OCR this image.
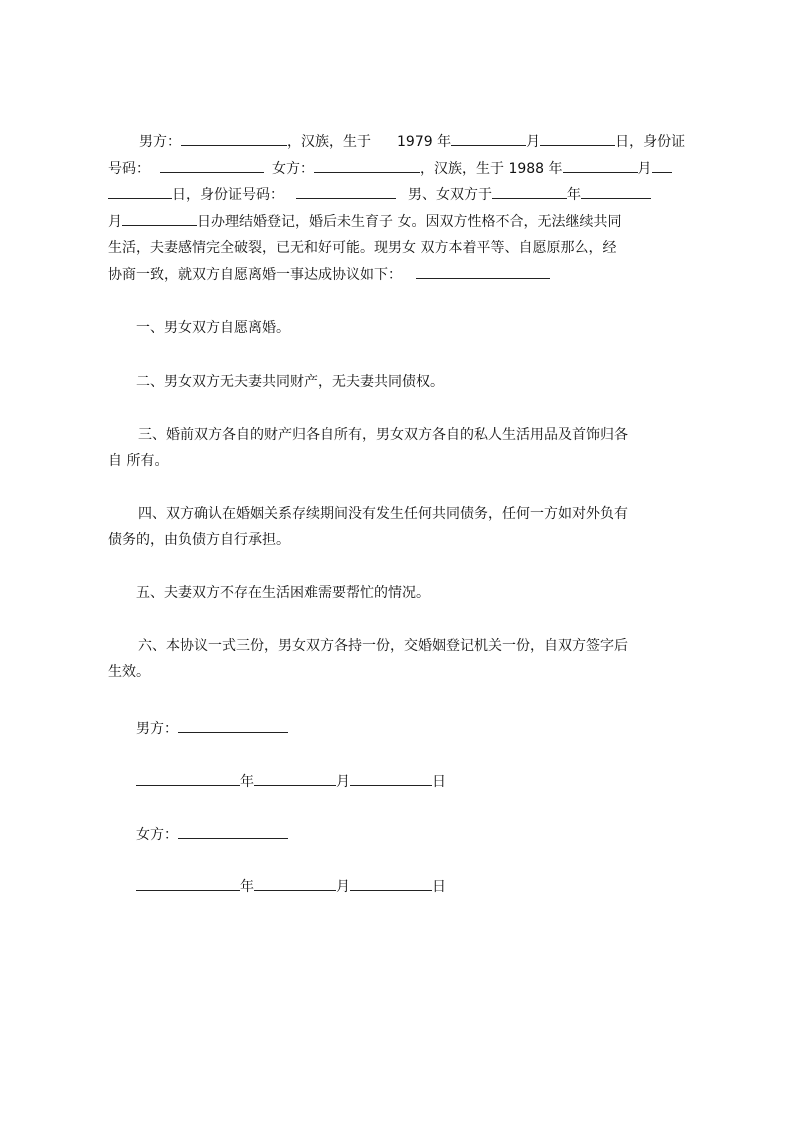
男方：	，汉族，生于 1979 年	月	日，身份证
号码：	女方：	，汉族，生于 1988 年	月
日，身份证号码：	男、女双方于	年
月	日办理结婚登记，婚后未生育子 女。因双方性格不合，无法继续共同
生活，夫妻感情完全破裂，已无和好可能。现男女 双方本着平等、自愿原那么，经
协商一致，就双方自愿离婚一事达成协议如下：
一、男女双方自愿离婚。
二、男女双方无夫妻共同财产，无夫妻共同债权。
三、婚前双方各自的财产归各自所有，男女双方各自的私人生活用品及首饰归各
自 所有。
四、双方确认在婚姻关系存续期间没有发生任何共同债务，任何一方如对外负有
债务的，由负债方自行承担。
五、夫妻双方不存在生活困难需要帮忙的情况。
六、本协议一式三份，男女双方各持一份，交婚姻登记机关一份，自双方签字后
生效。
男方：
年	月	日
女方：
年	月	日
